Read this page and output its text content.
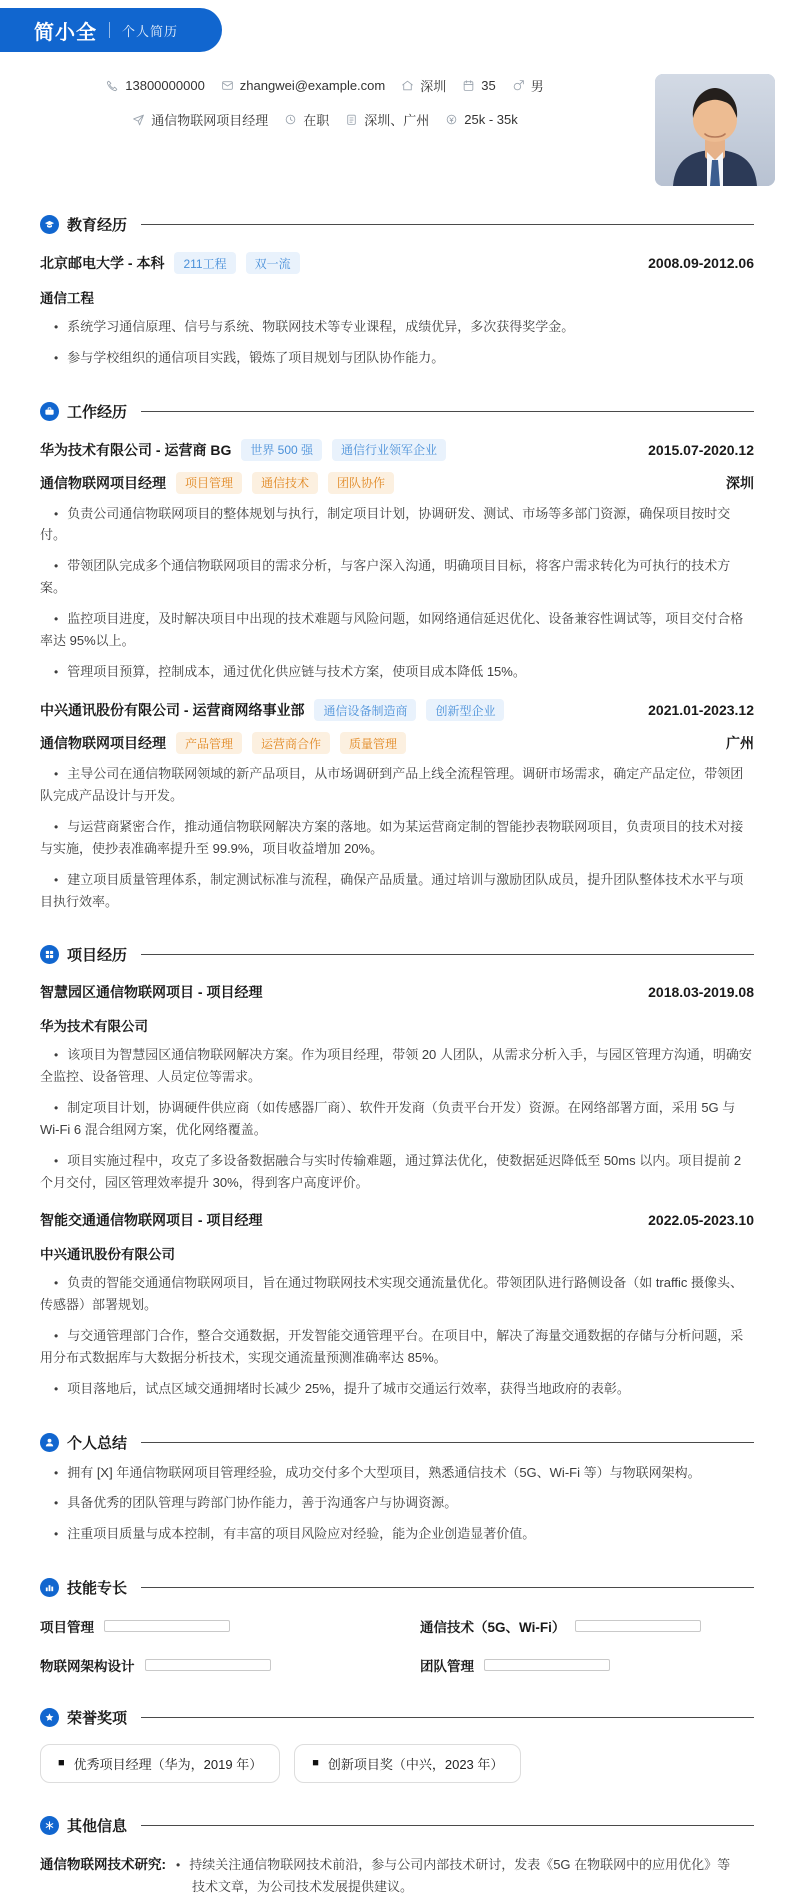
简小全 个人简历
13800000000	zhangwei@example.com	深圳	35	男
通信物联网项目经理	在职	深圳、广州	25k - 35k
教育经历
北京邮电大学 - 本科	211工程	双一流	2008.09-2012.06
通信工程

• 系统学习通信原理、信号与系统、物联网技术等专业课程，成绩优异，多次获得奖学金。

• 参与学校组织的通信项目实践，锻炼了项目规划与团队协作能力。

工作经历
华为技术有限公司 - 运营商 BG	世界 500 强	通信行业领军企业	2015.07-2020.12
通信物联网项目经理	项目管理	通信技术	团队协作	深圳

• 负责公司通信物联网项目的整体规划与执行，制定项目计划，协调研发、测试、市场等多部门资源，确保项目按时交付。

• 带领团队完成多个通信物联网项目的需求分析，与客户深入沟通，明确项目目标，将客户需求转化为可执行的技术方案。

• 监控项目进度，及时解决项目中出现的技术难题与风险问题，如网络通信延迟优化、设备兼容性调试等，项目交付合格率达 95%以上。

• 管理项目预算，控制成本，通过优化供应链与技术方案，使项目成本降低 15%。

中兴通讯股份有限公司 - 运营商网络事业部	通信设备制造商	创新型企业	2021.01-2023.12
通信物联网项目经理	产品管理	运营商合作	质量管理	广州

• 主导公司在通信物联网领域的新产品项目，从市场调研到产品上线全流程管理。调研市场需求，确定产品定位，带领团队完成产品设计与开发。

• 与运营商紧密合作，推动通信物联网解决方案的落地。如为某运营商定制的智能抄表物联网项目，负责项目的技术对接与实施，使抄表准确率提升至 99.9%，项目收益增加 20%。

• 建立项目质量管理体系，制定测试标准与流程，确保产品质量。通过培训与激励团队成员，提升团队整体技术水平与项目执行效率。

项目经历
智慧园区通信物联网项目 - 项目经理	2018.03-2019.08
华为技术有限公司

• 该项目为智慧园区通信物联网解决方案。作为项目经理，带领 20 人团队，从需求分析入手，与园区管理方沟通，明确安全监控、设备管理、人员定位等需求。

• 制定项目计划，协调硬件供应商（如传感器厂商）、软件开发商（负责平台开发）资源。在网络部署方面，采用 5G 与 Wi-Fi 6 混合组网方案，优化网络覆盖。

• 项目实施过程中，攻克了多设备数据融合与实时传输难题，通过算法优化，使数据延迟降低至 50ms 以内。项目提前 2 个月交付，园区管理效率提升 30%，得到客户高度评价。

智能交通通信物联网项目 - 项目经理	2022.05-2023.10
中兴通讯股份有限公司

• 负责的智能交通通信物联网项目，旨在通过物联网技术实现交通流量优化。带领团队进行路侧设备（如 traffic 摄像头、传感器）部署规划。

• 与交通管理部门合作，整合交通数据，开发智能交通管理平台。在项目中，解决了海量交通数据的存储与分析问题，采用分布式数据库与大数据分析技术，实现交通流量预测准确率达 85%。

• 项目落地后，试点区域交通拥堵时长减少 25%，提升了城市交通运行效率，获得当地政府的表彰。

个人总结

• 拥有 [X] 年通信物联网项目管理经验，成功交付多个大型项目，熟悉通信技术（5G、Wi-Fi 等）与物联网架构。

• 具备优秀的团队管理与跨部门协作能力，善于沟通客户与协调资源。

• 注重项目质量与成本控制，有丰富的项目风险应对经验，能为企业创造显著价值。

技能专长
项目管理	通信技术（5G、Wi-Fi）
物联网架构设计	团队管理
荣誉奖项
■ 优秀项目经理（华为，2019 年）	■ 创新项目奖（中兴，2023 年）
其他信息
通信物联网技术研究: • 持续关注通信物联网技术前沿，参与公司内部技术研讨，发表《5G 在物联网中的应用优化》等技术文章，为公司技术发展提供建议。
